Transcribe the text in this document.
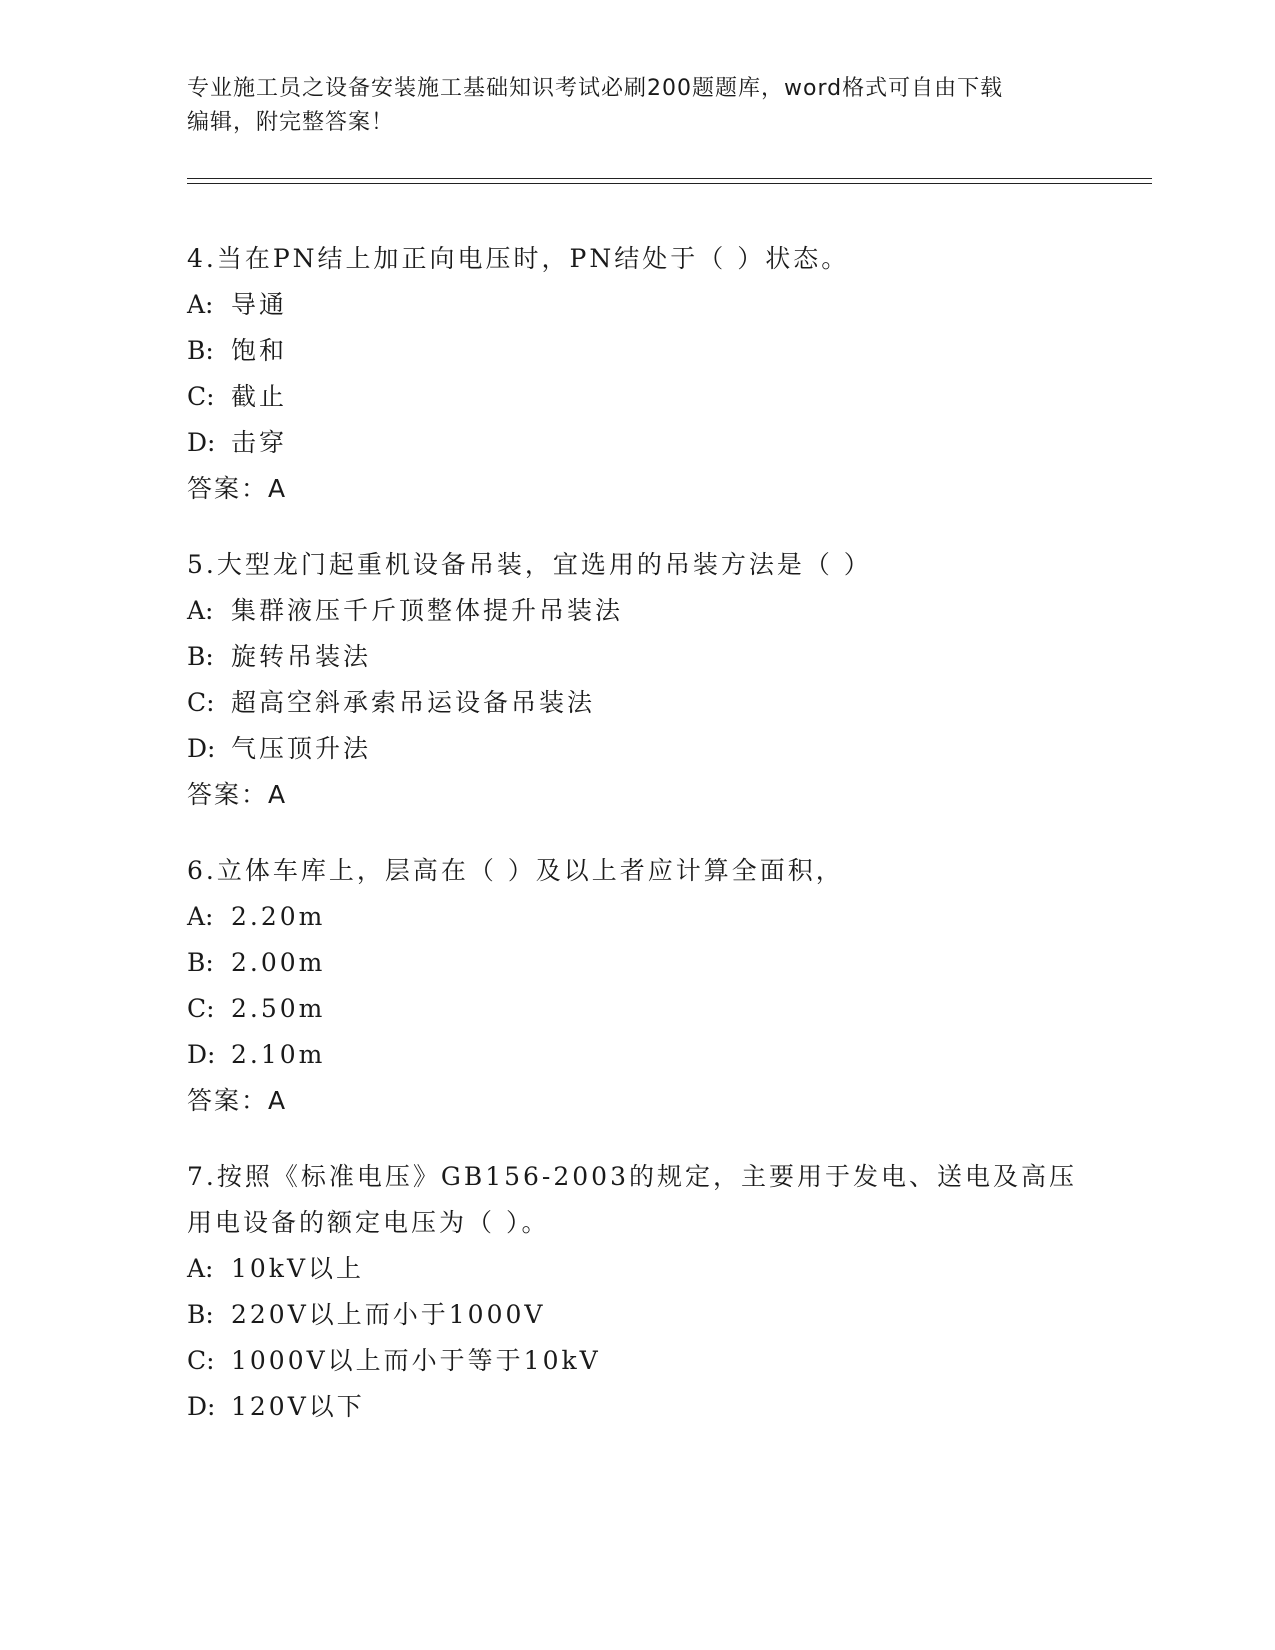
专业施工员之设备安装施工基础知识考试必刷200题题库，word格式可自由下载
编辑，附完整答案！
4.当在PN结上加正向电压时，PN结处于（ ）状态。
A: 导通
B: 饱和
C: 截止
D: 击穿
答案：A
5.大型龙门起重机设备吊装，宜选用的吊装方法是（ ）
A: 集群液压千斤顶整体提升吊装法
B: 旋转吊装法
C: 超高空斜承索吊运设备吊装法
D: 气压顶升法
答案：A
6.立体车库上，层高在（ ）及以上者应计算全面积，
A: 2.20m
B: 2.00m
C: 2.50m
D: 2.10m
答案：A
7.按照《标准电压》GB156-2003的规定，主要用于发电、送电及高压
用电设备的额定电压为（ ）。
A: 10kV以上
B: 220V以上而小于1000V
C: 1000V以上而小于等于10kV
D: 120V以下
